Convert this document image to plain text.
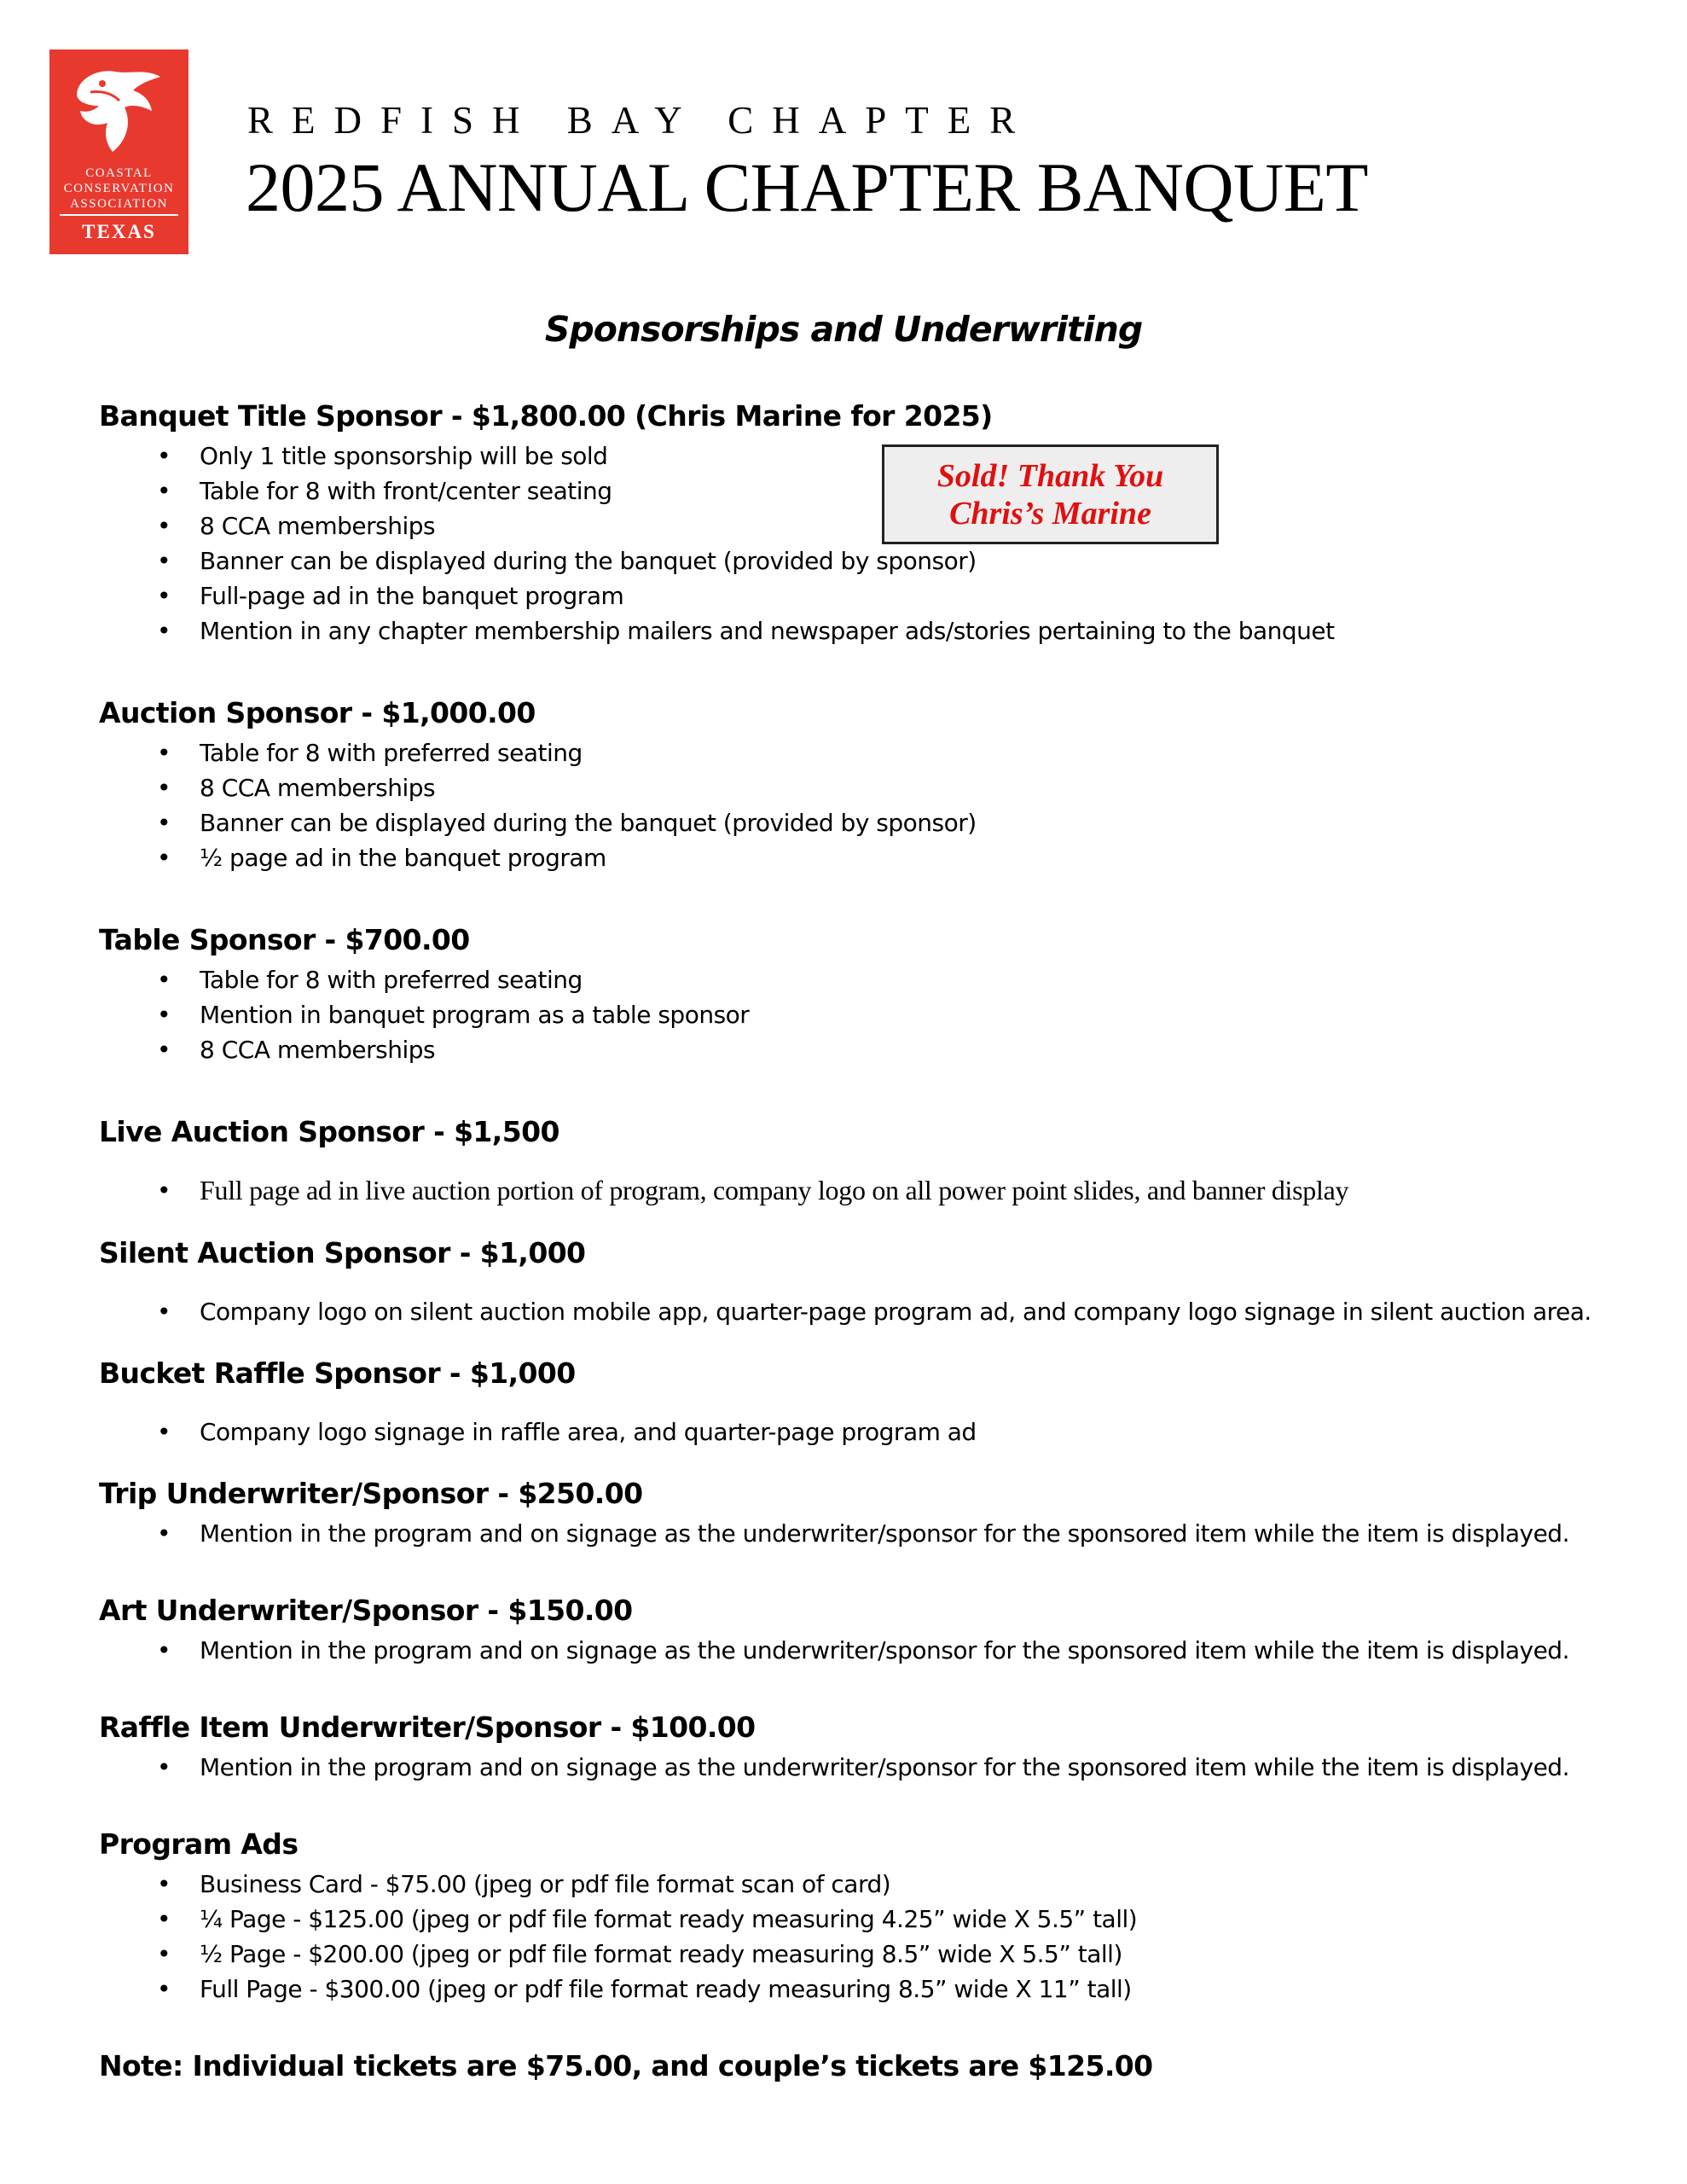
COASTAL
CONSERVATION
ASSOCIATION
TEXAS
REDFISH BAY CHAPTER
2025 ANNUAL CHAPTER BANQUET
Sponsorships and Underwriting
Sold! Thank You
Chris’s Marine
Banquet Title Sponsor - $1,800.00 (Chris Marine for 2025)
• Only 1 title sponsorship will be sold
• Table for 8 with front/center seating
• 8 CCA memberships
• Banner can be displayed during the banquet (provided by sponsor)
• Full-page ad in the banquet program
• Mention in any chapter membership mailers and newspaper ads/stories pertaining to the banquet
Auction Sponsor - $1,000.00
• Table for 8 with preferred seating
• 8 CCA memberships
• Banner can be displayed during the banquet (provided by sponsor)
• ½ page ad in the banquet program
Table Sponsor - $700.00
• Table for 8 with preferred seating
• Mention in banquet program as a table sponsor
• 8 CCA memberships
Live Auction Sponsor - $1,500
• Full page ad in live auction portion of program, company logo on all power point slides, and banner display
Silent Auction Sponsor - $1,000
• Company logo on silent auction mobile app, quarter-page program ad, and company logo signage in silent auction area.
Bucket Raffle Sponsor - $1,000
• Company logo signage in raffle area, and quarter-page program ad
Trip Underwriter/Sponsor - $250.00
• Mention in the program and on signage as the underwriter/sponsor for the sponsored item while the item is displayed.
Art Underwriter/Sponsor - $150.00
• Mention in the program and on signage as the underwriter/sponsor for the sponsored item while the item is displayed.
Raffle Item Underwriter/Sponsor - $100.00
• Mention in the program and on signage as the underwriter/sponsor for the sponsored item while the item is displayed.
Program Ads
• Business Card - $75.00 (jpeg or pdf file format scan of card)
• ¼ Page - $125.00 (jpeg or pdf file format ready measuring 4.25” wide X 5.5” tall)
• ½ Page - $200.00 (jpeg or pdf file format ready measuring 8.5” wide X 5.5” tall)
• Full Page - $300.00 (jpeg or pdf file format ready measuring 8.5” wide X 11” tall)
Note: Individual tickets are $75.00, and couple’s tickets are $125.00
